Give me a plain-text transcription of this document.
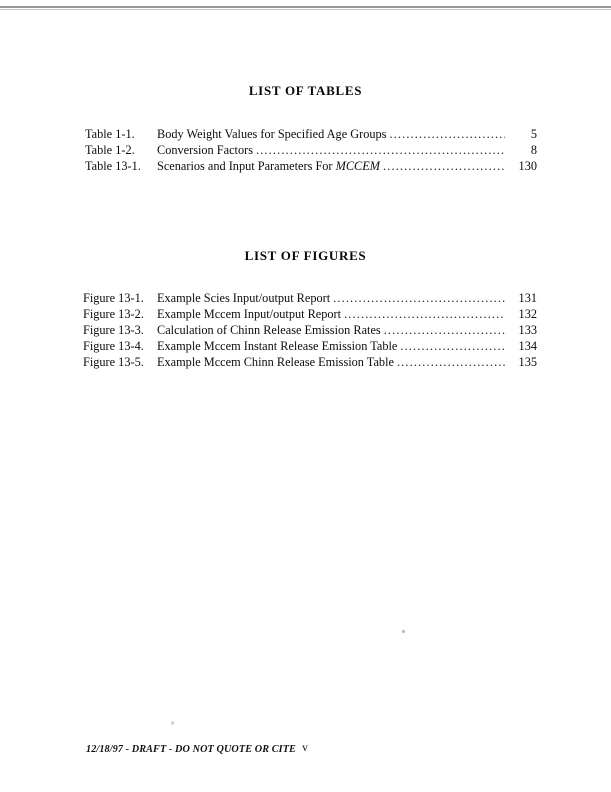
LIST OF TABLES
Table 1-1.	Body Weight Values for Specified Age Groups .....	5
Table 1-2.	Conversion Factors .....	8
Table 13-1.	Scenarios and Input Parameters For MCCEM .....	130
LIST OF FIGURES
Figure 13-1.	Example Scies Input/output Report .....	131
Figure 13-2.	Example Mccem Input/output Report .....	132
Figure 13-3.	Calculation of Chinn Release Emission Rates .....	133
Figure 13-4.	Example Mccem Instant Release Emission Table .....	134
Figure 13-5.	Example Mccem Chinn Release Emission Table .....	135
12/18/97 - DRAFT - DO NOT QUOTE OR CITE v
